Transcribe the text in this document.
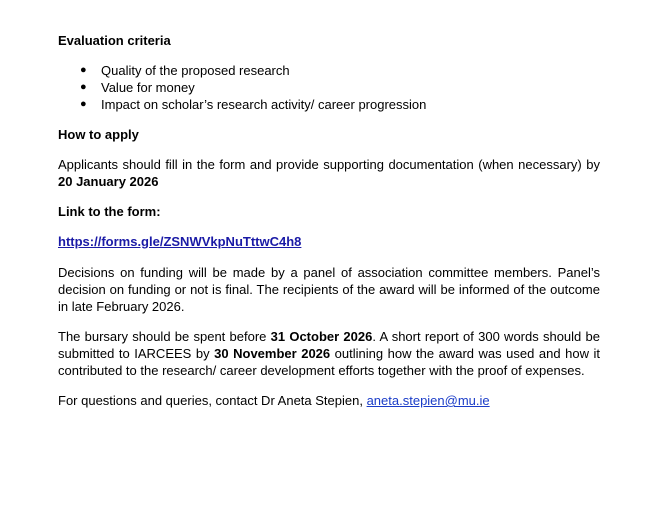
Evaluation criteria

● Quality of the proposed research
● Value for money
● Impact on scholar’s research activity/ career progression

How to apply

Applicants should fill in the form and provide supporting documentation (when necessary) by 20 January 2026

Link to the form:

https://forms.gle/ZSNWVkpNuTttwC4h8

Decisions on funding will be made by a panel of association committee members. Panel’s decision on funding or not is final. The recipients of the award will be informed of the outcome in late February 2026.

The bursary should be spent before 31 October 2026. A short report of 300 words should be submitted to IARCEES by 30 November 2026 outlining how the award was used and how it contributed to the research/ career development efforts together with the proof of expenses.

For questions and queries, contact Dr Aneta Stepien, aneta.stepien@mu.ie
